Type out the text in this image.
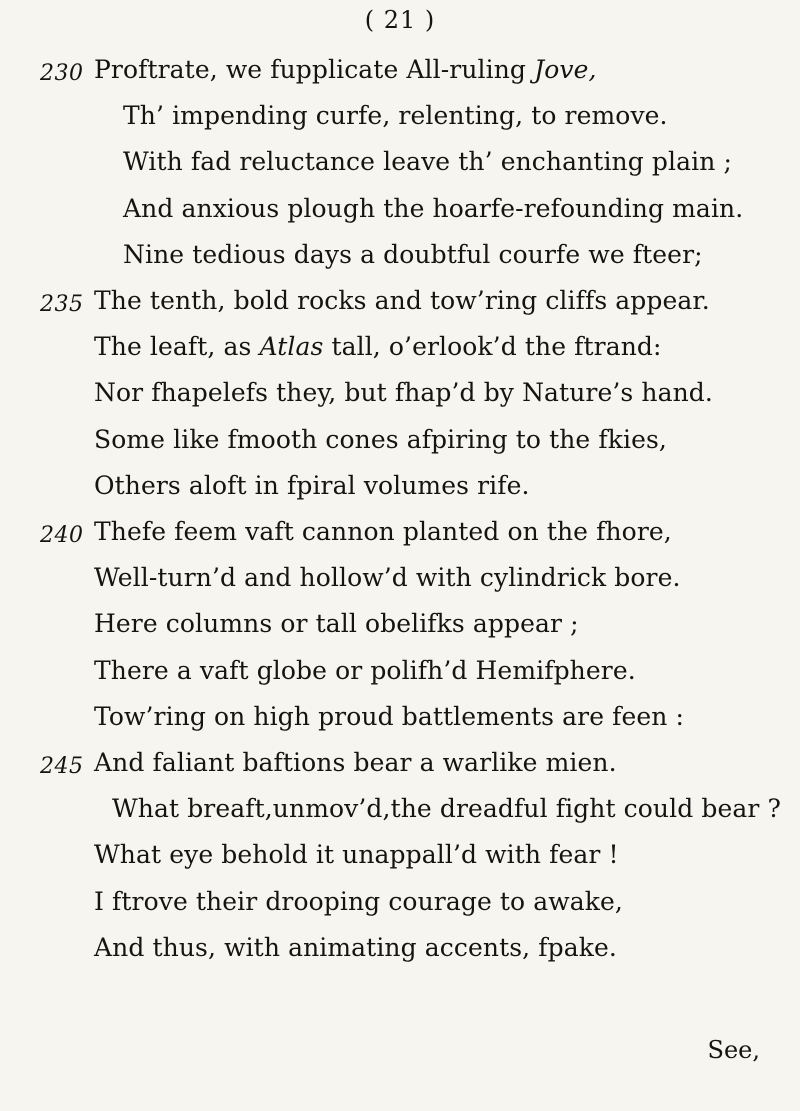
( 21 )
230 Proftrate, we fupplicate All-ruling Jove,
Th’ impending curfe, relenting, to remove.
With fad reluctance leave th’ enchanting plain ;
And anxious plough the hoarfe-refounding main.
Nine tedious days a doubtful courfe we fteer;
235 The tenth, bold rocks and tow’ring cliffs appear.
The leaft, as Atlas tall, o’erlook’d the ftrand:
Nor fhapelefs they, but fhap’d by Nature’s hand.
Some like fmooth cones afpiring to the fkies,
Others aloft in fpiral volumes rife.
240 Thefe feem vaft cannon planted on the fhore,
Well-turn’d and hollow’d with cylindrick bore.
Here columns or tall obelifks appear ;
There a vaft globe or polifh’d Hemifphere.
Tow’ring on high proud battlements are feen :
245 And faliant baftions bear a warlike mien.
What breaft,unmov’d,the dreadful fight could bear ?
What eye behold it unappall’d with fear !
I ftrove their drooping courage to awake,
And thus, with animating accents, fpake.
See,
